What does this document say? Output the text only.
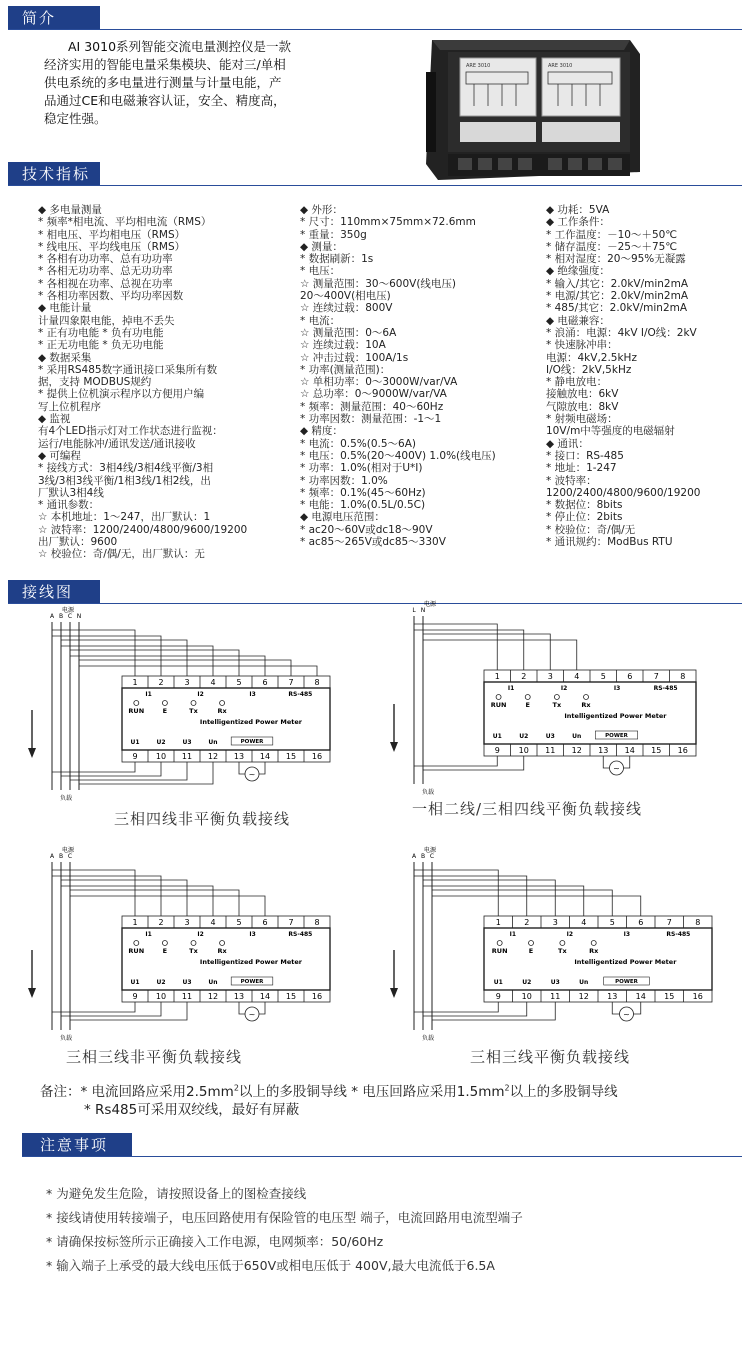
简介
AI 3010系列智能交流电量测控仪是一款
经济实用的智能电量采集模块、能对三/单相
供电系统的多电量进行测量与计量电能，产
品通过CE和电磁兼容认证，安全、精度高，
稳定性强。
ARE 3010	ARE 3010
技术指标
◆ 多电量测量
* 频率*相电流、平均相电流（RMS）
* 相电压、平均相电压（RMS）
* 线电压、平均线电压（RMS）
* 各相有功功率、总有功功率
* 各相无功功率、总无功功率
* 各相视在功率、总视在功率
* 各相功率因数、平均功率因数
◆ 电能计量
计量四象限电能，掉电不丢失
* 正有功电能 * 负有功电能
* 正无功电能 * 负无功电能
◆ 数据采集
* 采用RS485数字通讯接口采集所有数
据，支持 MODBUS规约
* 提供上位机演示程序以方便用户编
写上位机程序
◆ 监视
有4个LED指示灯对工作状态进行监视：
运行/电能脉冲/通讯发送/通讯接收
◆ 可编程
* 接线方式：3相4线/3相4线平衡/3相
3线/3相3线平衡/1相3线/1相2线，出
厂默认3相4线
* 通讯参数：
☆ 本机地址：1～247，出厂默认：1
☆ 波特率：1200/2400/4800/9600/19200
出厂默认：9600
☆ 校验位：奇/偶/无，出厂默认：无
◆ 外形：
* 尺寸：110mm×75mm×72.6mm
* 重量：350g
◆ 测量：
* 数据刷新：1s
* 电压：
☆ 测量范围：30～600V(线电压)
20～400V(相电压)
☆ 连续过载：800V
* 电流：
☆ 测量范围：0～6A
☆ 连续过载：10A
☆ 冲击过载：100A/1s
* 功率(测量范围)：
☆ 单相功率：0～3000W/var/VA
☆ 总功率：0～9000W/var/VA
* 频率：测量范围：40～60Hz
* 功率因数：测量范围：-1～1
◆ 精度：
* 电流：0.5%(0.5～6A)
* 电压：0.5%(20～400V) 1.0%(线电压)
* 功率：1.0%(相对于U*I)
* 功率因数：1.0%
* 频率：0.1%(45～60Hz)
* 电能：1.0%(0.5L/0.5C)
◆ 电源电压范围：
* ac20～60V或dc18～90V
* ac85～265V或dc85～330V
◆ 功耗：5VA
◆ 工作条件：
* 工作温度：－10～＋50℃
* 储存温度：－25～＋75℃
* 相对湿度：20～95%无凝露
◆ 绝缘强度：
* 输入/其它：2.0kV/min2mA
* 电源/其它：2.0kV/min2mA
* 485/其它：2.0kV/min2mA
◆ 电磁兼容：
* 浪涌：电源：4kV I/O线：2kV
* 快速脉冲串：
电源：4kV,2.5kHz
I/O线：2kV,5kHz
* 静电放电：
接触放电：6kV
气隙放电：8kV
* 射频电磁场：
10V/m中等强度的电磁辐射
◆ 通讯：
* 接口：RS-485
* 地址：1-247
* 波特率：
1200/2400/4800/9600/19200
* 数据位：8bits
* 停止位：2bits
* 校验位：奇/偶/无
* 通讯规约：ModBus RTU
接线图
1
9
2
10
3
11
4
12
5
13
6
14
7
15
8
16
I1	I2	I3	RS-485
RUN	E	Tx	Rx
Intelligentized Power Meter
U1	U2	U3	Un	POWER
A B C N
电源
负载
~
1
9
2
10
3
11
4
12
5
13
6
14
7
15
8
16
I1	I2	I3	RS-485
RUN	E	Tx	Rx
Intelligentized Power Meter
U1	U2	U3	Un	POWER
L N
电源
负载
~
1
9
2
10
3
11
4
12
5
13
6
14
7
15
8
16
I1	I2	I3	RS-485
RUN	E	Tx	Rx
Intelligentized Power Meter
U1	U2	U3	Un	POWER
A B C
电源
负载
~
1
9
2
10
3
11
4
12
5
13
6
14
7
15
8
16
I1	I2	I3	RS-485
RUN	E	Tx	Rx
Intelligentized Power Meter
U1	U2	U3	Un	POWER
A B C
电源
负载
~
三相四线非平衡负载接线
一相二线/三相四线平衡负载接线
三相三线非平衡负载接线	三相三线平衡负载接线
备注：* 电流回路应采用$2.5mm^2$以上的多股铜导线 * 电压回路应采用$1.5mm^2$以上的多股铜导线
* Rs485可采用双绞线，最好有屏蔽
注意事项
* 为避免发生危险，请按照设备上的图检查接线
* 接线请使用转接端子，电压回路使用有保险管的电压型 端子，电流回路用电流型端子
* 请确保按标签所示正确接入工作电源，电网频率：50/60Hz
* 输入端子上承受的最大线电压低于650V或相电压低于 400V,最大电流低于6.5A
